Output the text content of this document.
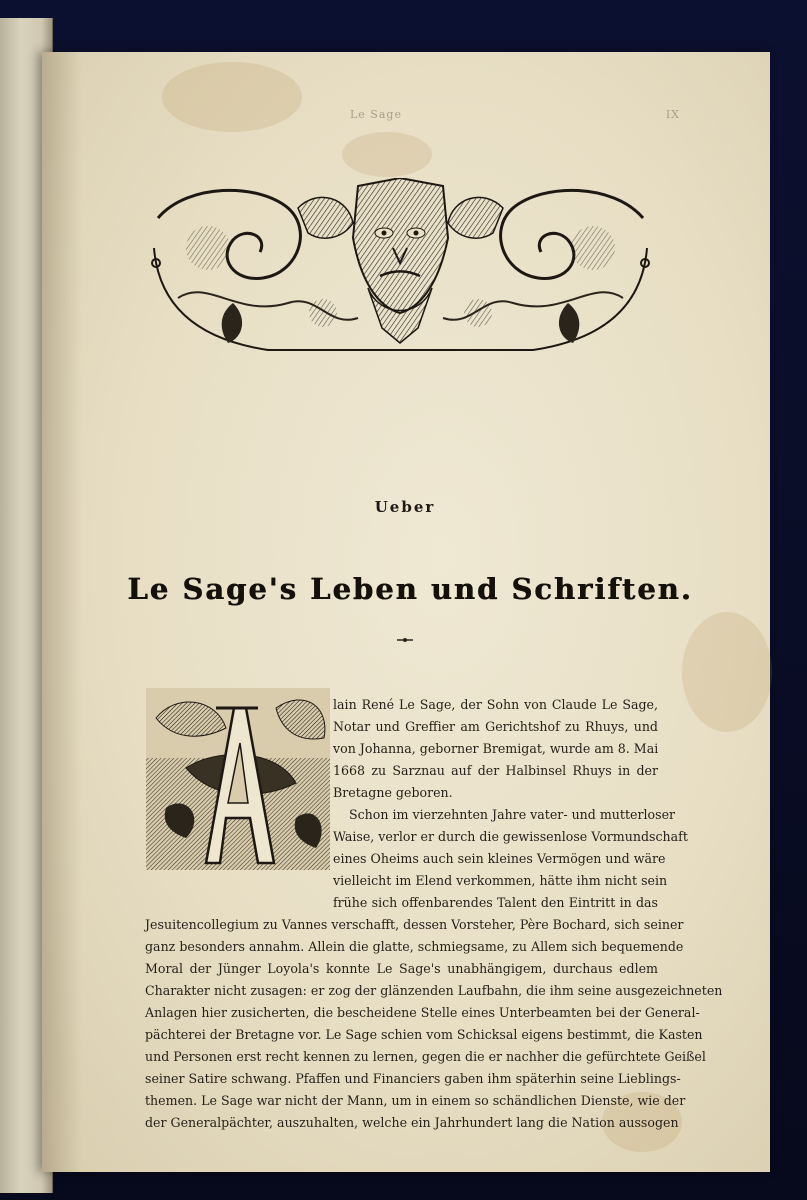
Le Sage	IX
Ueber
Le Sage's Leben und Schriften.
lain René Le Sage, der Sohn von Claude Le Sage,
Notar und Greffier am Gerichtshof zu Rhuys, und
von Johanna, geborner Bremigat, wurde am 8. Mai
1668 zu Sarznau auf der Halbinsel Rhuys in der
Bretagne geboren.
Schon im vierzehnten Jahre vater- und mutterloser
Waise, verlor er durch die gewissenlose Vormundschaft
eines Oheims auch sein kleines Vermögen und wäre
vielleicht im Elend verkommen, hätte ihm nicht sein
frühe sich offenbarendes Talent den Eintritt in das
Jesuitencollegium zu Vannes verschafft, dessen Vorsteher, Père Bochard, sich seiner
ganz besonders annahm. Allein die glatte, schmiegsame, zu Allem sich bequemende
Moral der Jünger Loyola's konnte Le Sage's unabhängigem, durchaus edlem
Charakter nicht zusagen: er zog der glänzenden Laufbahn, die ihm seine ausgezeichneten
Anlagen hier zusicherten, die bescheidene Stelle eines Unterbeamten bei der General-
pächterei der Bretagne vor. Le Sage schien vom Schicksal eigens bestimmt, die Kasten
und Personen erst recht kennen zu lernen, gegen die er nachher die gefürchtete Geißel
seiner Satire schwang. Pfaffen und Financiers gaben ihm späterhin seine Lieblings-
themen. Le Sage war nicht der Mann, um in einem so schändlichen Dienste, wie der
der Generalpächter, auszuhalten, welche ein Jahrhundert lang die Nation aussogen
